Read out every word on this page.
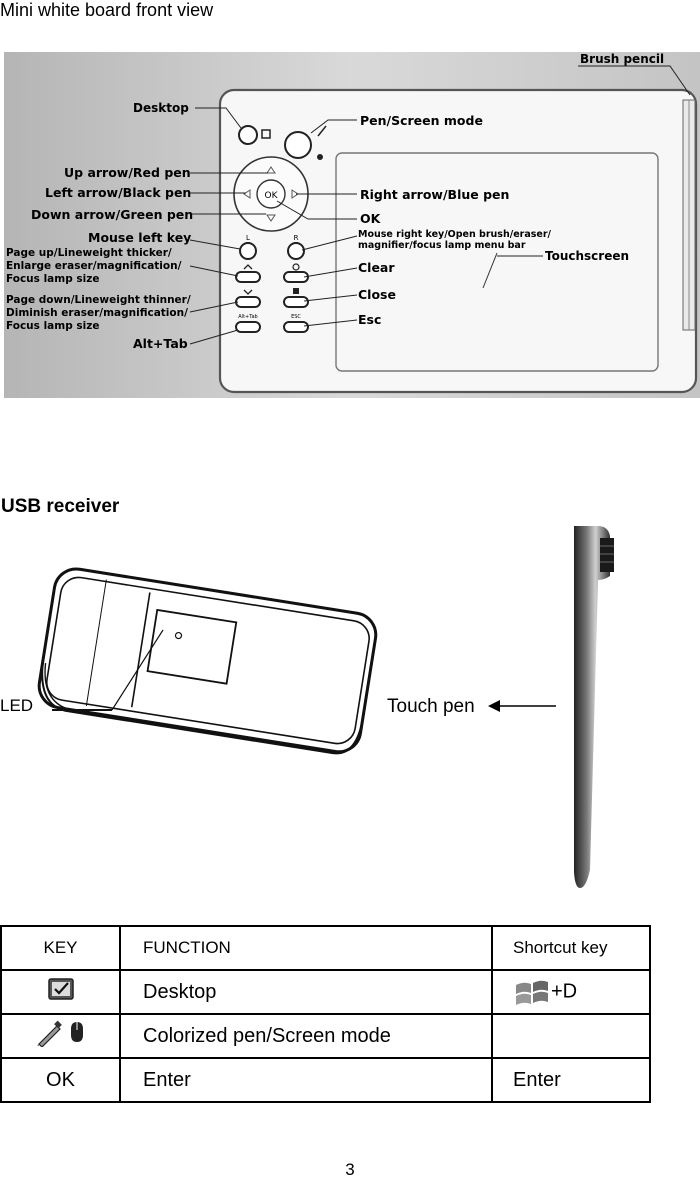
Mini white board front view
OK
L	R
Alt+Tab	ESC
Brush pencil
Desktop
Pen/Screen mode
Up arrow/Red pen
Left arrow/Black pen
Down arrow/Green pen
Right arrow/Blue pen
OK
Mouse left key	Mouse right key/Open brush/eraser/
magnifier/focus lamp menu bar
Touchscreen
Page up/Lineweight thicker/
Enlarge eraser/magnification/
Focus lamp size
Clear
Page down/Lineweight thinner/
Diminish eraser/magnification/
Focus lamp size
Close
Esc
Alt+Tab
USB receiver
LED	Touch pen
KEY	FUNCTION	Shortcut key
	Desktop	+D
	Colorized pen/Screen mode	
OK	Enter	Enter
3
